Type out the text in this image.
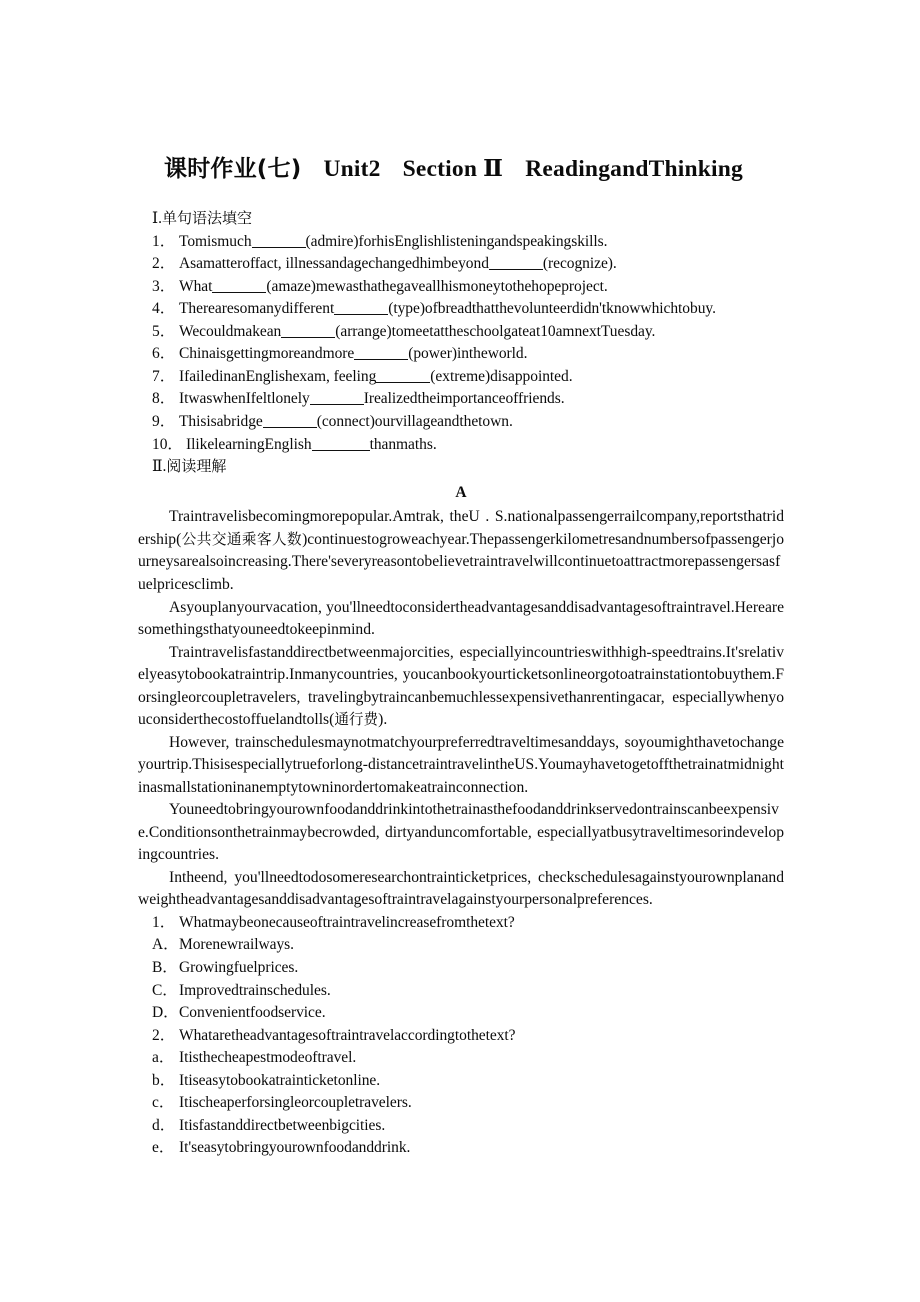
课时作业(七) Unit2 Section Ⅱ ReadingandThinking
Ⅰ.单句语法填空
1． Tomismuch	(admire)forhisEnglishlisteningandspeakingskills.
2． Asamatteroffact, illnessandagechangedhimbeyond	(recognize).
3． What	(amaze)mewasthathegaveallhismoneytothehopeproject.
4． Therearesomanydifferent	(type)ofbreadthatthevolunteerdidn'tknowwhichtobuy.
5． Wecouldmakean	(arrange)tomeetattheschoolgateat10amnextTuesday.
6． Chinaisgettingmoreandmore	(power)intheworld.
7． IfailedinanEnglishexam, feeling	(extreme)disappointed.
8． ItwaswhenIfeltlonely	Irealizedtheimportanceoffriends.
9． Thisisabridge	(connect)ourvillageandthetown.
10． IlikelearningEnglish	thanmaths.
Ⅱ.阅读理解
A

Traintravelisbecomingmorepopular.Amtrak, theU . S.nationalpassengerrailcompany,reportsthatridership(公共交通乘客人数)continuestogroweachyear.Thepassengerkilometresandnumbersofpassengerjourneysarealsoincreasing.There'severyreasontobelievetraintravelwillcontinuetoattractmorepassengersasfuelpricesclimb.

Asyouplanyourvacation, you'llneedtoconsidertheadvantagesanddisadvantagesoftraintravel.Herearesomethingsthatyouneedtokeepinmind.

Traintravelisfastanddirectbetweenmajorcities, especiallyincountrieswithhigh-speedtrains.It'srelativelyeasytobookatraintrip.Inmanycountries, youcanbookyourticketsonlineorgotoatrainstationtobuythem.Forsingleorcoupletravelers, travelingbytraincanbemuchlessexpensivethanrentingacar, especiallywhenyouconsiderthecostoffuelandtolls(通行费).

However, trainschedulesmaynotmatchyourpreferredtraveltimesanddays, soyoumighthavetochangeyourtrip.Thisisespeciallytrueforlong-distancetraintravelintheUS.Youmayhavetogetoffthetrainatmidnightinasmallstationinanemptytowninordertomakeatrainconnection.

Youneedtobringyourownfoodanddrinkintothetrainasthefoodanddrinkservedontrainscanbeexpensive.Conditionsonthetrainmaybecrowded, dirtyanduncomfortable, especiallyatbusytraveltimesorindevelopingcountries.

Intheend, you'llneedtodosomeresearchontrainticketprices, checkschedulesagainstyourownplanandweightheadvantagesanddisadvantagesoftraintravelagainstyourpersonalpreferences.

1． Whatmaybeonecauseoftraintravelincreasefromthetext?
A．Morenewrailways.
B．Growingfuelprices.
C．Improvedtrainschedules.
D．Convenientfoodservice.
2． Whataretheadvantagesoftraintravelaccordingtothetext?
a． Itisthecheapestmodeoftravel.
b． Itiseasytobookatrainticketonline.
c． Itischeaperforsingleorcoupletravelers.
d． Itisfastanddirectbetweenbigcities.
e． It'seasytobringyourownfoodanddrink.
